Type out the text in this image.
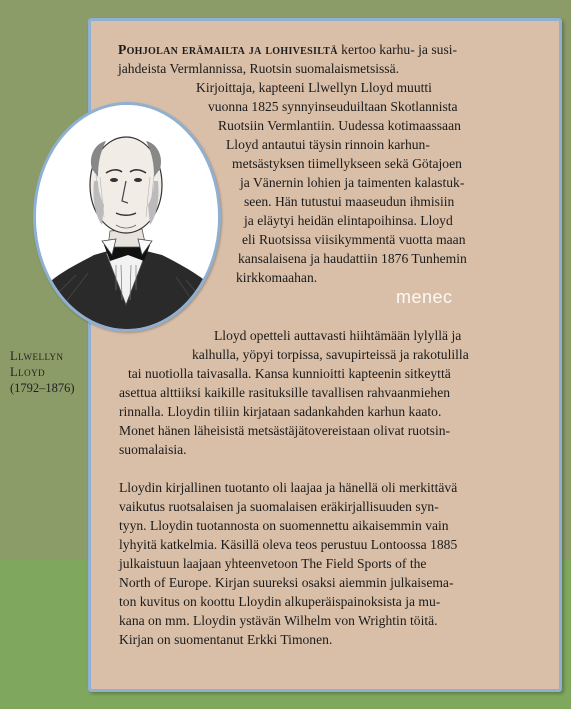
Pohjolan erämailta ja lohivesiltä kertoo karhu- ja susi-
jahdeista Vermlannissa, Ruotsin suomalaismetsissä.
Kirjoittaja, kapteeni Llwellyn Lloyd muutti
vuonna 1825 synnyinseuduiltaan Skotlannista
Ruotsiin Vermlantiin. Uudessa kotimaassaan
Lloyd antautui täysin rinnoin karhun-
metsästyksen tiimellykseen sekä Götajoen
ja Vänernin lohien ja taimenten kalastuk-
seen. Hän tutustui maaseudun ihmisiin
ja eläytyi heidän elintapoihinsa. Lloyd
eli Ruotsissa viisikymmentä vuotta maan
kansalaisena ja haudattiin 1876 Tunhemin
kirkkomaahan.
menec
Lloyd opetteli auttavasti hiihtämään lylyllä ja
kalhulla, yöpyi torpissa, savupirteissä ja rakotulilla
tai nuotiolla taivasalla. Kansa kunnioitti kapteenin sitkeyttä
asettua alttiiksi kaikille rasituksille tavallisen rahvaanmiehen
rinnalla. Lloydin tiliin kirjataan sadankahden karhun kaato.
Monet hänen läheisistä metsästäjätovereistaan olivat ruotsin-
suomalaisia.
Lloydin kirjallinen tuotanto oli laajaa ja hänellä oli merkittävä
vaikutus ruotsalaisen ja suomalaisen eräkirjallisuuden syn-
tyyn. Lloydin tuotannosta on suomennettu aikaisemmin vain
lyhyitä katkelmia. Käsillä oleva teos perustuu Lontoossa 1885
julkaistuun laajaan yhteenvetoon The Field Sports of the
North of Europe. Kirjan suureksi osaksi aiemmin julkaisema-
ton kuvitus on koottu Lloydin alkuperäispainoksista ja mu-
kana on mm. Lloydin ystävän Wilhelm von Wrightin töitä.
Kirjan on suomentanut Erkki Timonen.
Llwellyn
Lloyd
(1792–1876)
